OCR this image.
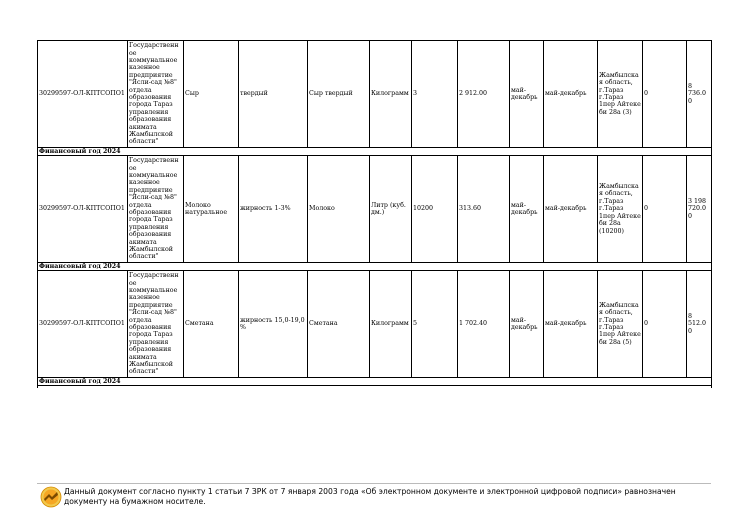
30299597-ОЛ-КПТСОПО1	Государственное коммунальное казенное предприятие "Ясли-сад №8" отдела образования города Тараз управления образования акимата Жамбылской области"	Сыр	твердый	Сыр твердый	Килограмм	3	2 912.00	май-декабрь	май-декабрь	Жамбылская область, г.Тараз г.Тараз 1пер Айтеке би 28а (3)	0	8 736.00
Финансовый год 2024												
30299597-ОЛ-КПТСОПО1	Государственное коммунальное казенное предприятие "Ясли-сад №8" отдела образования города Тараз управления образования акимата Жамбылской области"	Молоко натуральное	жирность 1-3%	Молоко	Литр (куб. дм.)	10200	313.60	май-декабрь	май-декабрь	Жамбылская область, г.Тараз г.Тараз 1пер Айтеке би 28а (10200)	0	3 198 720.00
Финансовый год 2024												
30299597-ОЛ-КПТСОПО1	Государственное коммунальное казенное предприятие "Ясли-сад №8" отдела образования города Тараз управления образования акимата Жамбылской области"	Сметана	жирность 15,0-19,0 %	Сметана	Килограмм	5	1 702.40	май-декабрь	май-декабрь	Жамбылская область, г.Тараз г.Тараз 1пер Айтеке би 28а (5)	0	8 512.00
Финансовый год 2024												

Данный документ согласно пункту 1 статьи 7 ЗРК от 7 января 2003 года «Об электронном документе и электронной цифровой подписи» равнозначен документу на бумажном носителе.
